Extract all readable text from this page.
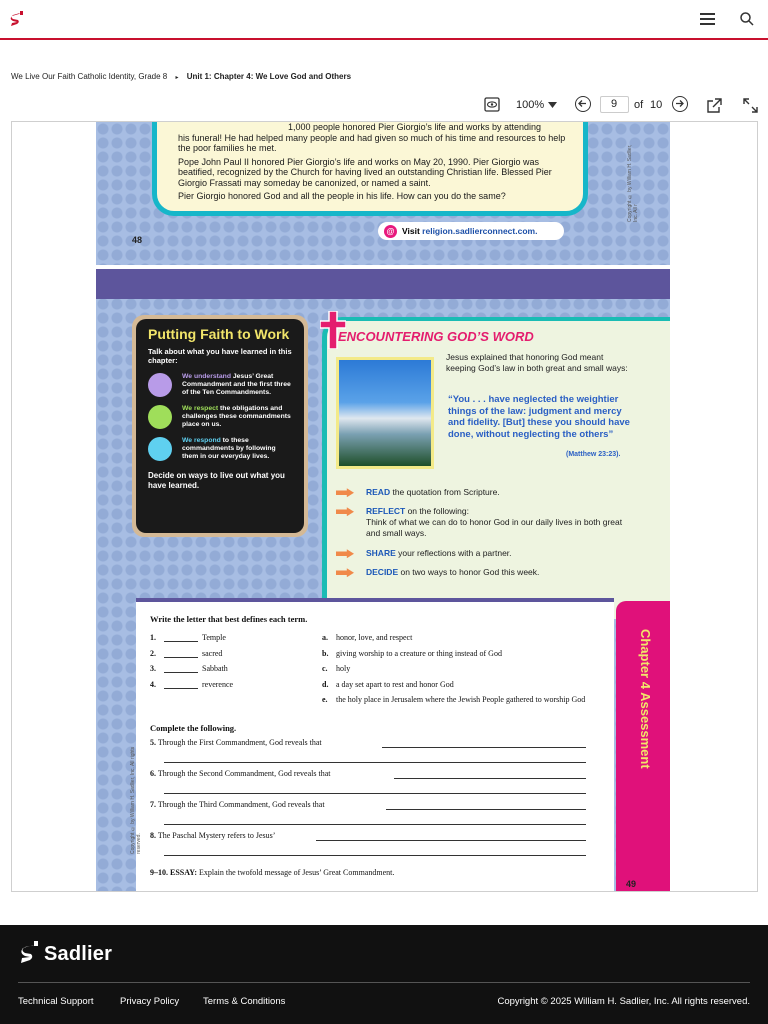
We Live Our Faith Catholic Identity, Grade 8 ▸ Unit 1: Chapter 4: We Love God and Others
100%	9	of 10

1,000 people honored Pier Giorgio’s life and works by attending

his funeral! He had helped many people and had given so much of his time and resources to help the poor families he met.

Pope John Paul II honored Pier Giorgio’s life and works on May 20, 1990. Pier Giorgio was beatified, recognized by the Church for having lived an outstanding Christian life. Blessed Pier Giorgio Frassati may someday be canonized, or named a saint.

Pier Giorgio honored God and all the people in his life. How can you do the same?

@ Visit religion.sadlierconnect.com.
48
Copyright © by William H. Sadlier, Inc. All r
Putting Faith to Work
Talk about what you have learned in this chapter:
We understand Jesus’ Great Commandment and the first three of the Ten Commandments.
We respect the obligations and challenges these commandments place on us.
We respond to these commandments by following them in our everyday lives.
Decide on ways to live out what you have learned.
ENCOUNTERING GOD’S WORD
Jesus explained that honoring God meant keeping God’s law in both great and small ways:
“You . . . have neglected the weightier things of the law: judgment and mercy and fidelity. [But] these you should have done, without neglecting the others”
(Matthew 23:23).
READ the quotation from Scripture.
REFLECT on the following:
Think of what we can do to honor God in our daily lives in both great and small ways.
SHARE your reflections with a partner.
DECIDE on two ways to honor God this week.
Chapter 4 Assessment
Write the letter that best defines each term.
1.	Temple	a. honor, love, and respect
2.	sacred	b. giving worship to a creature or thing instead of God
3.	Sabbath	c. holy
4.	reverence	d. a day set apart to rest and honor God
e. the holy place in Jerusalem where the Jewish People gathered to worship God
Complete the following.
5. Through the First Commandment, God reveals that
6. Through the Second Commandment, God reveals that
7. Through the Third Commandment, God reveals that
8. The Paschal Mystery refers to Jesus’
9–10. ESSAY: Explain the twofold message of Jesus’ Great Commandment.
Copyright © by William H. Sadlier, Inc. All rights reserved.
49
Sadlier
Technical Support	Privacy Policy	Terms & Conditions	Copyright © 2025 William H. Sadlier, Inc. All rights reserved.
